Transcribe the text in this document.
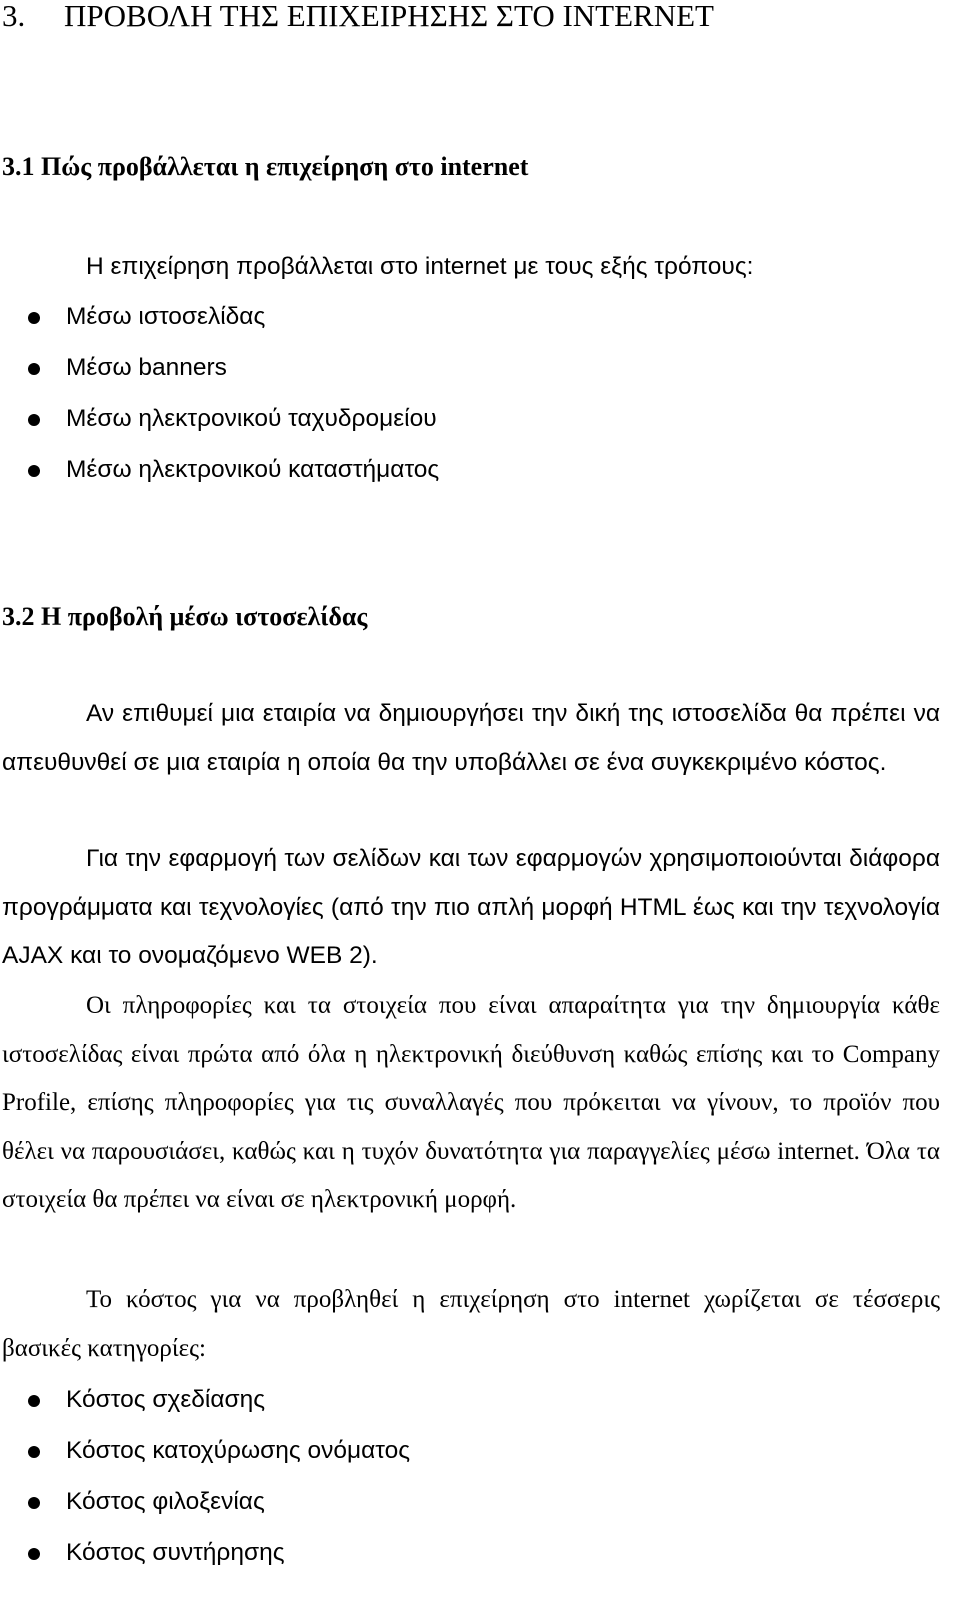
3. ΠΡΟΒΟΛΗ ΤΗΣ ΕΠΙΧΕΙΡΗΣΗΣ ΣΤΟ INTERNET
3.1 Πώς προβάλλεται η επιχείρηση στο internet

Η επιχείρηση προβάλλεται στο internet με τους εξής τρόπους:

Μέσω ιστοσελίδας
Μέσω banners
Μέσω ηλεκτρονικού ταχυδρομείου
Μέσω ηλεκτρονικού καταστήματος
3.2 Η προβολή μέσω ιστοσελίδας

Αν επιθυμεί μια εταιρία να δημιουργήσει την δική της ιστοσελίδα θα πρέπει να απευθυνθεί σε μια εταιρία η οποία θα την υποβάλλει σε ένα συγκεκριμένο κόστος.

Για την εφαρμογή των σελίδων και των εφαρμογών χρησιμοποιούνται διάφορα προγράμματα και τεχνολογίες (από την πιο απλή μορφή HTML έως και την τεχνολογία AJAX και το ονομαζόμενο WEB 2).

Οι πληροφορίες και τα στοιχεία που είναι απαραίτητα για την δημιουργία κάθε ιστοσελίδας είναι πρώτα από όλα η ηλεκτρονική διεύθυνση καθώς επίσης και το Company Profile, επίσης πληροφορίες για τις συναλλαγές που πρόκειται να γίνουν, το προϊόν που θέλει να παρουσιάσει, καθώς και η τυχόν δυνατότητα για παραγγελίες μέσω internet. Όλα τα στοιχεία θα πρέπει να είναι σε ηλεκτρονική μορφή.

Το κόστος για να προβληθεί η επιχείρηση στο internet χωρίζεται σε τέσσερις βασικές κατηγορίες:

Κόστος σχεδίασης
Κόστος κατοχύρωσης ονόματος
Κόστος φιλοξενίας
Κόστος συντήρησης
